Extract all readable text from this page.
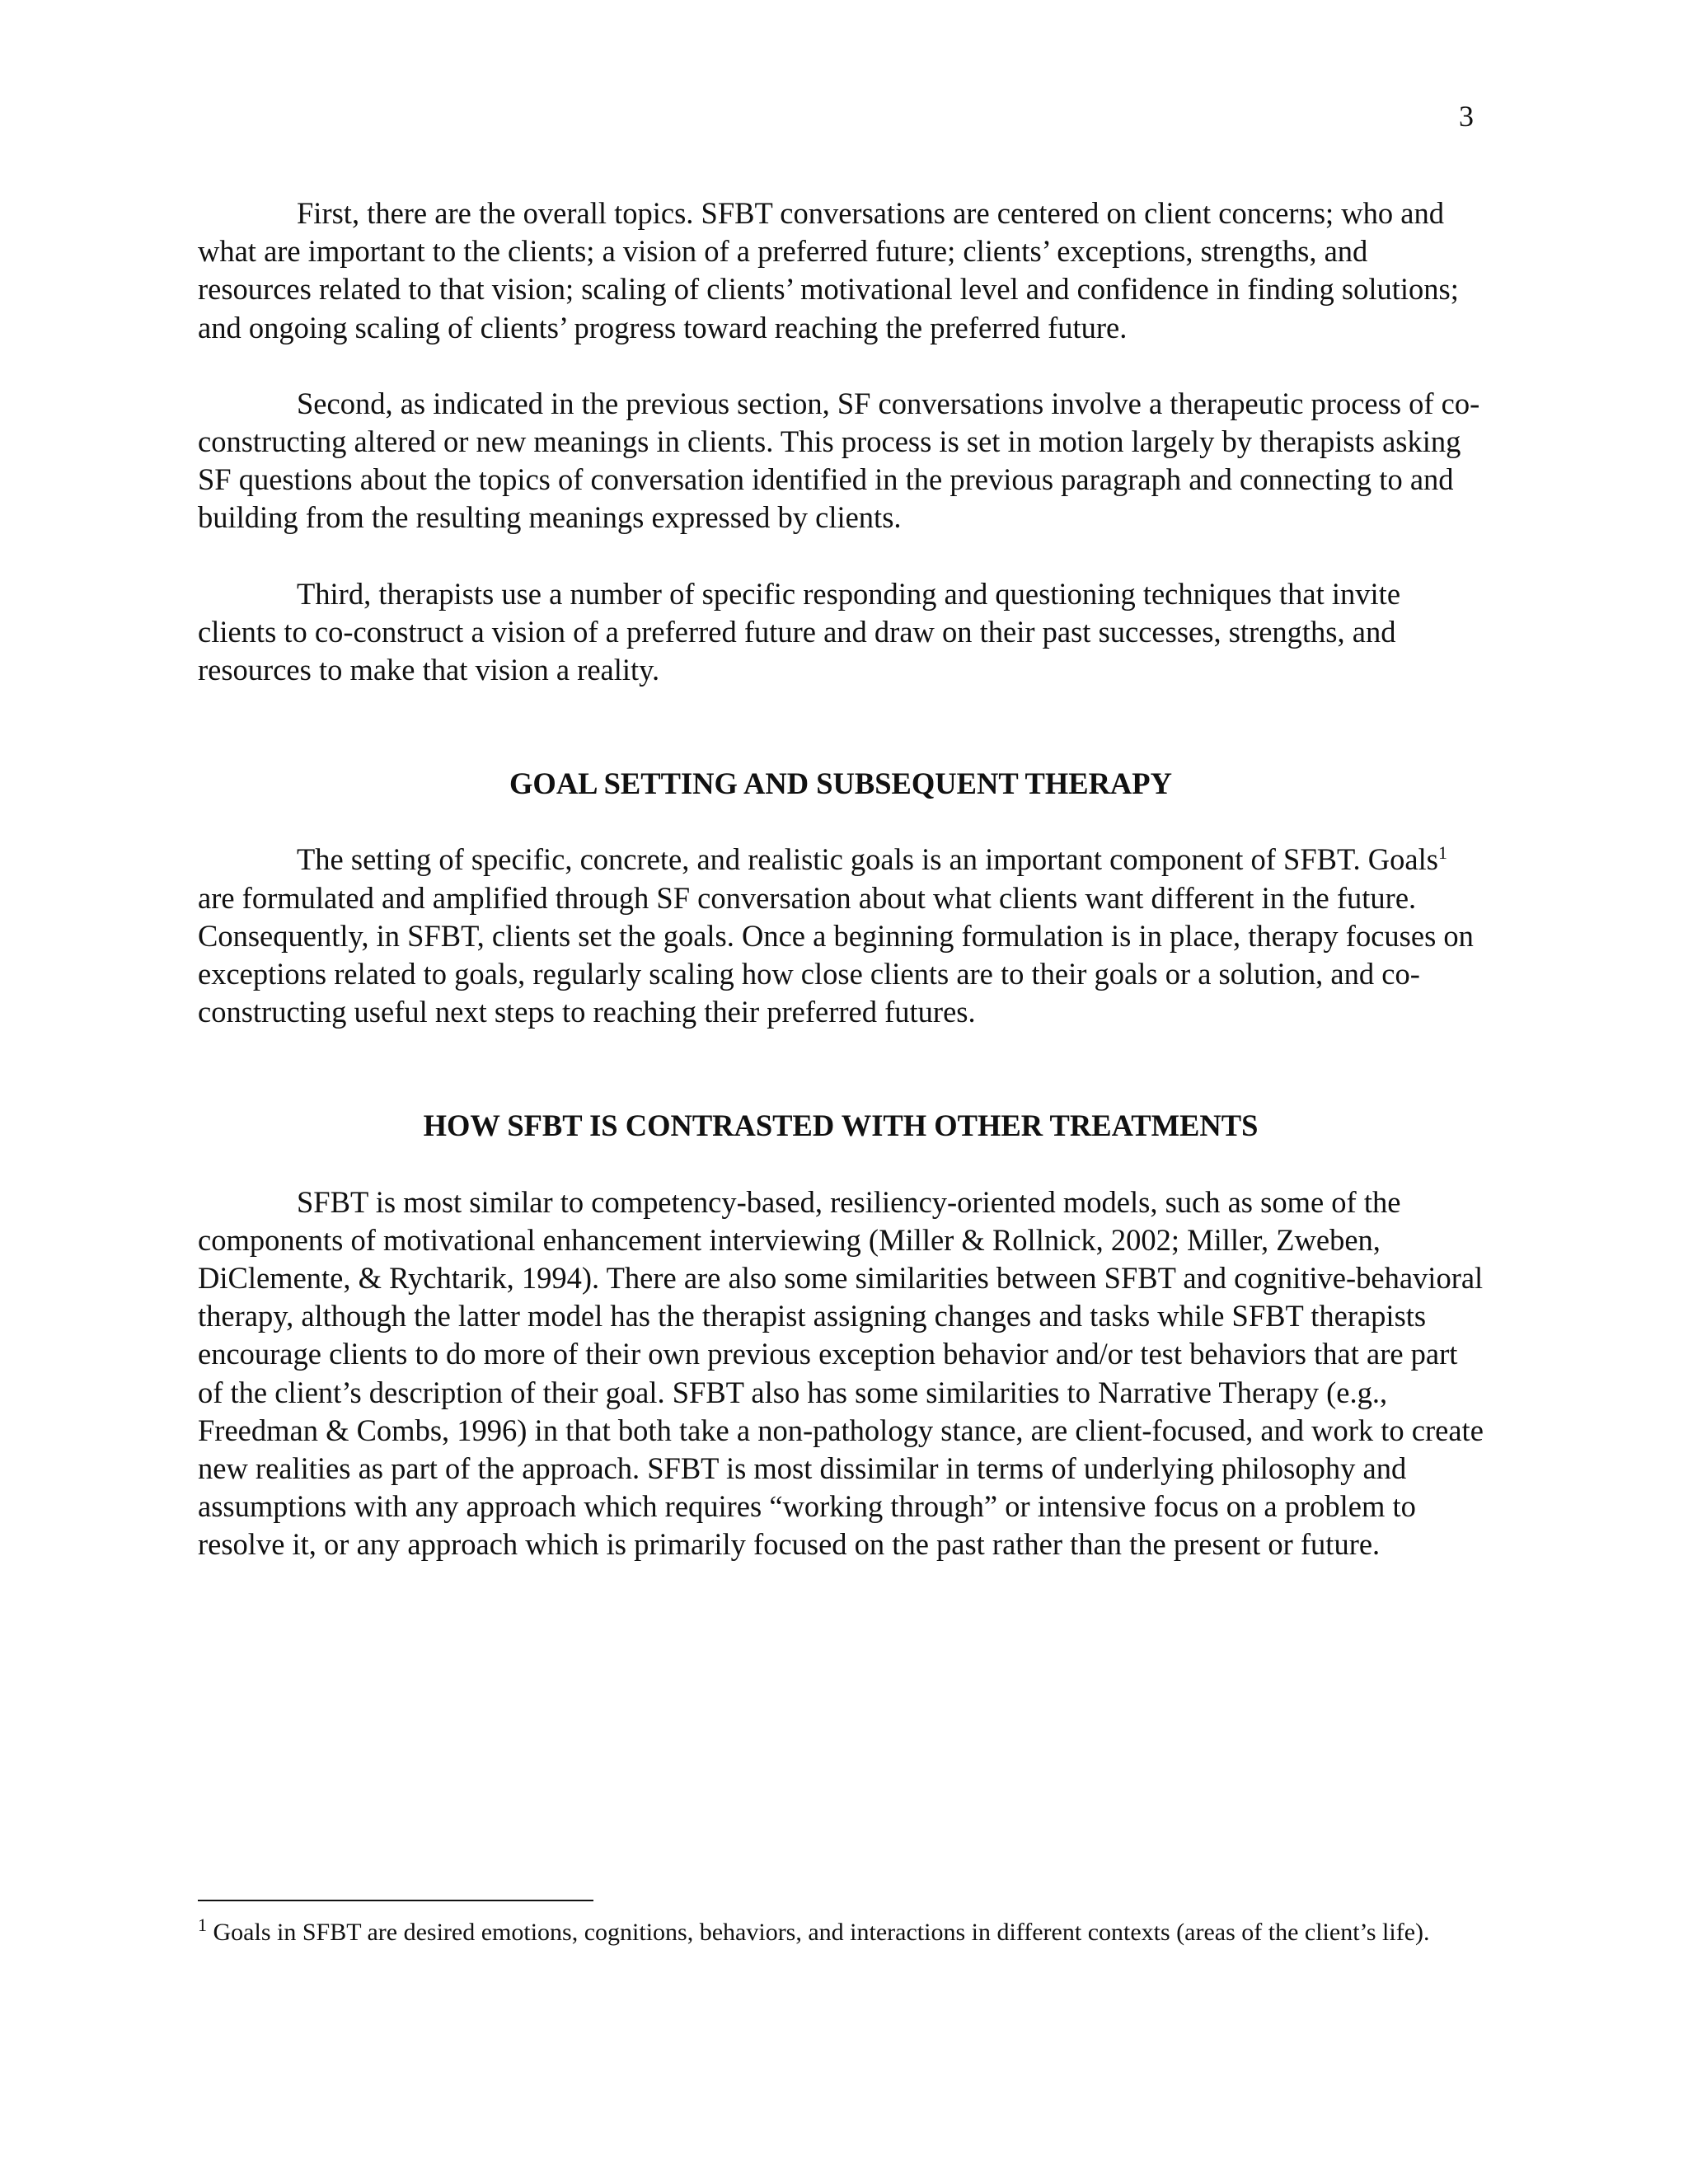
3

First, there are the overall topics. SFBT conversations are centered on client concerns; who and what are important to the clients; a vision of a preferred future; clients’ exceptions, strengths, and resources related to that vision; scaling of clients’ motivational level and confidence in finding solutions; and ongoing scaling of clients’ progress toward reaching the preferred future.

Second, as indicated in the previous section, SF conversations involve a therapeutic process of co-constructing altered or new meanings in clients. This process is set in motion largely by therapists asking SF questions about the topics of conversation identified in the previous paragraph and connecting to and building from the resulting meanings expressed by clients.

Third, therapists use a number of specific responding and questioning techniques that invite clients to co-construct a vision of a preferred future and draw on their past successes, strengths, and resources to make that vision a reality.

GOAL SETTING AND SUBSEQUENT THERAPY

The setting of specific, concrete, and realistic goals is an important component of SFBT. Goals$^1$ are formulated and amplified through SF conversation about what clients want different in the future. Consequently, in SFBT, clients set the goals. Once a beginning formulation is in place, therapy focuses on exceptions related to goals, regularly scaling how close clients are to their goals or a solution, and co-constructing useful next steps to reaching their preferred futures.

HOW SFBT IS CONTRASTED WITH OTHER TREATMENTS

SFBT is most similar to competency-based, resiliency-oriented models, such as some of the components of motivational enhancement interviewing (Miller & Rollnick, 2002; Miller, Zweben, DiClemente, & Rychtarik, 1994). There are also some similarities between SFBT and cognitive-behavioral therapy, although the latter model has the therapist assigning changes and tasks while SFBT therapists encourage clients to do more of their own previous exception behavior and/or test behaviors that are part of the client’s description of their goal. SFBT also has some similarities to Narrative Therapy (e.g., Freedman & Combs, 1996) in that both take a non-pathology stance, are client-focused, and work to create new realities as part of the approach. SFBT is most dissimilar in terms of underlying philosophy and assumptions with any approach which requires “working through” or intensive focus on a problem to resolve it, or any approach which is primarily focused on the past rather than the present or future.

$^1$ Goals in SFBT are desired emotions, cognitions, behaviors, and interactions in different contexts (areas of the client’s life).
